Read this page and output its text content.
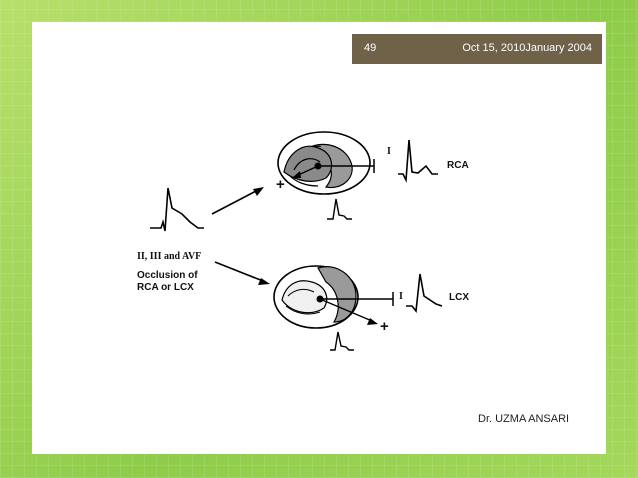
49	Oct 15, 2010January 2004
II, III and AVF
Occlusion of
RCA or LCX
I
RCA
I	LCX
+
+
–
Dr. UZMA ANSARI
